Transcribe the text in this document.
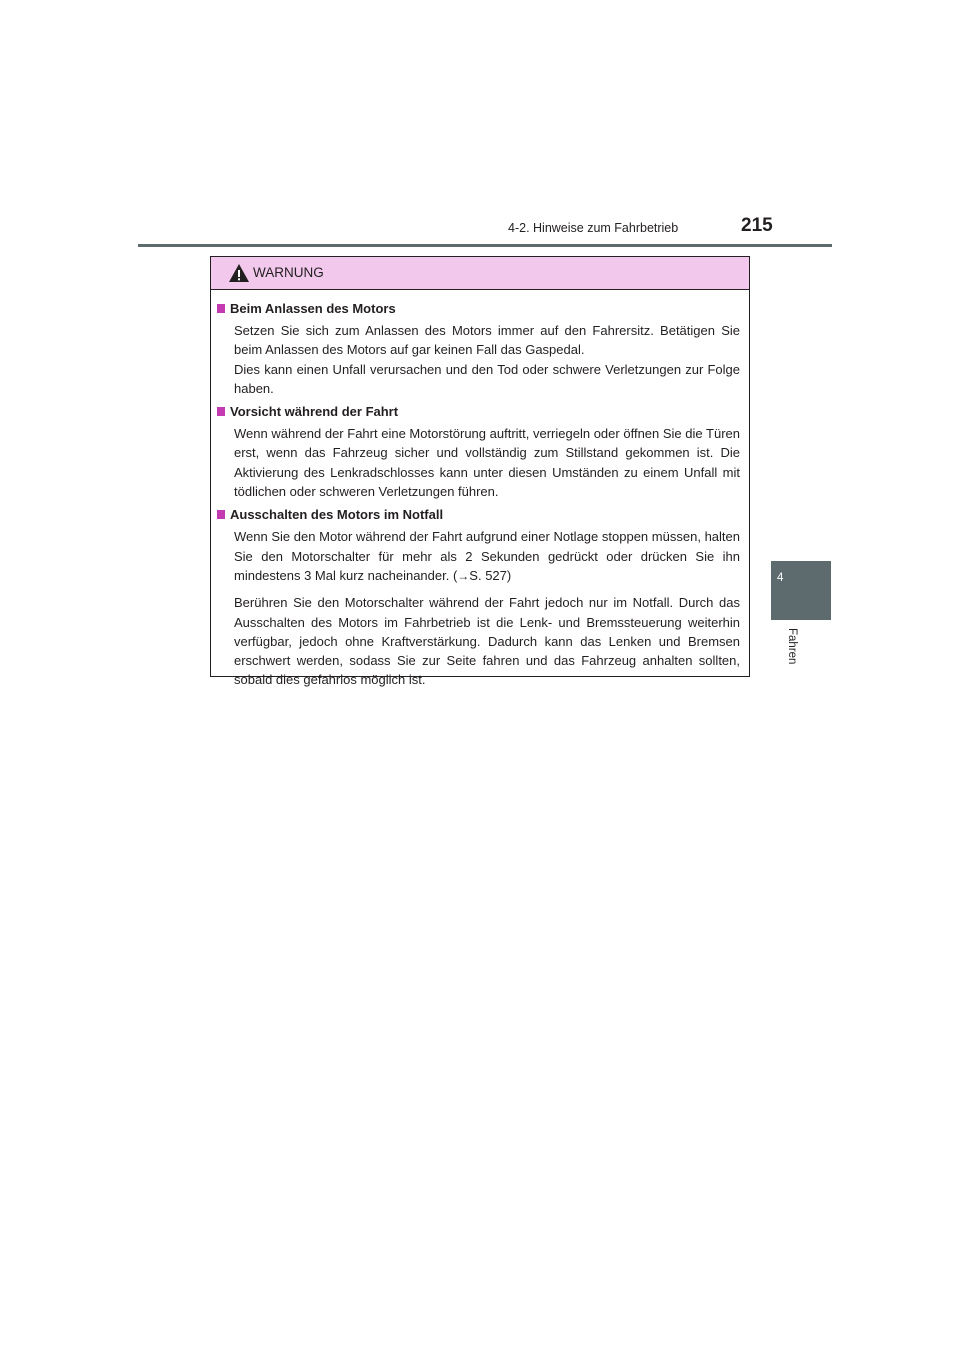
4-2. Hinweise zum Fahrbetrieb	215
4
Fahren
WARNUNG
Beim Anlassen des Motors
Setzen Sie sich zum Anlassen des Motors immer auf den Fahrersitz. Betätigen Sie beim Anlassen des Motors auf gar keinen Fall das Gaspedal.
Dies kann einen Unfall verursachen und den Tod oder schwere Verletzungen zur Folge haben.
Vorsicht während der Fahrt
Wenn während der Fahrt eine Motorstörung auftritt, verriegeln oder öffnen Sie die Türen erst, wenn das Fahrzeug sicher und vollständig zum Stillstand gekommen ist. Die Aktivierung des Lenkradschlosses kann unter diesen Umständen zu einem Unfall mit tödlichen oder schweren Verletzungen führen.
Ausschalten des Motors im Notfall
Wenn Sie den Motor während der Fahrt aufgrund einer Notlage stoppen müssen, halten Sie den Motorschalter für mehr als 2 Sekunden gedrückt oder drücken Sie ihn mindestens 3 Mal kurz nacheinander. (→S. 527)
Berühren Sie den Motorschalter während der Fahrt jedoch nur im Notfall. Durch das Ausschalten des Motors im Fahrbetrieb ist die Lenk- und Bremssteuerung weiterhin verfügbar, jedoch ohne Kraftverstärkung. Dadurch kann das Lenken und Bremsen erschwert werden, sodass Sie zur Seite fahren und das Fahrzeug anhalten sollten, sobald dies gefahrlos möglich ist.
